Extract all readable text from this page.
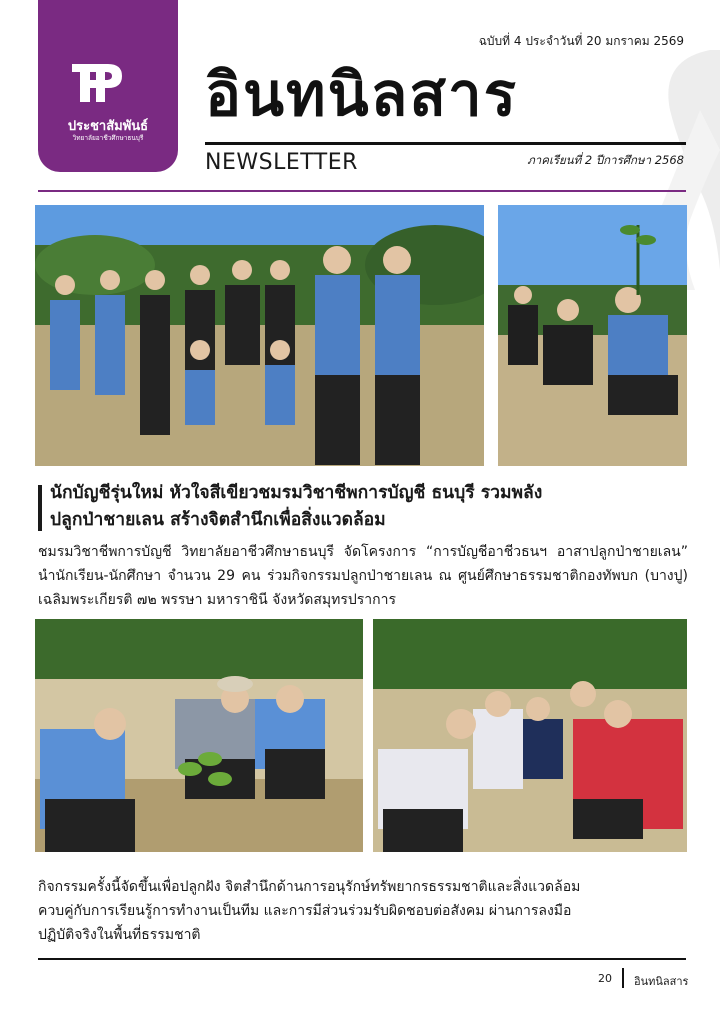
ประชาสัมพันธ์
วิทยาลัยอาชีวศึกษาธนบุรี
ฉบับที่ 4 ประจำวันที่ 20 มกราคม 2569
อินทนิลสาร
NEWSLETTER	ภาคเรียนที่ 2 ปีการศึกษา 2568
นักบัญชีรุ่นใหม่ หัวใจสีเขียวชมรมวิชาชีพการบัญชี ธนบุรี รวมพลัง
ปลูกป่าชายเลน สร้างจิตสำนึกเพื่อสิ่งแวดล้อม
ชมรมวิชาชีพการบัญชี วิทยาลัยอาชีวศึกษาธนบุรี จัดโครงการ “การบัญชีอาชีวธนฯ อาสาปลูกป่าชายเลน” นำนักเรียน-นักศึกษา จำนวน 29 คน ร่วมกิจกรรมปลูกป่าชายเลน ณ ศูนย์ศึกษาธรรมชาติกองทัพบก (บางปู) เฉลิมพระเกียรติ ๗๒ พรรษา มหาราชินี จังหวัดสมุทรปราการ
กิจกรรมครั้งนี้จัดขึ้นเพื่อปลูกฝัง จิตสำนึกด้านการอนุรักษ์ทรัพยากรธรรมชาติและสิ่งแวดล้อม
ควบคู่กับการเรียนรู้การทำงานเป็นทีม และการมีส่วนร่วมรับผิดชอบต่อสังคม ผ่านการลงมือ
ปฏิบัติจริงในพื้นที่ธรรมชาติ
20 อินทนิลสาร
